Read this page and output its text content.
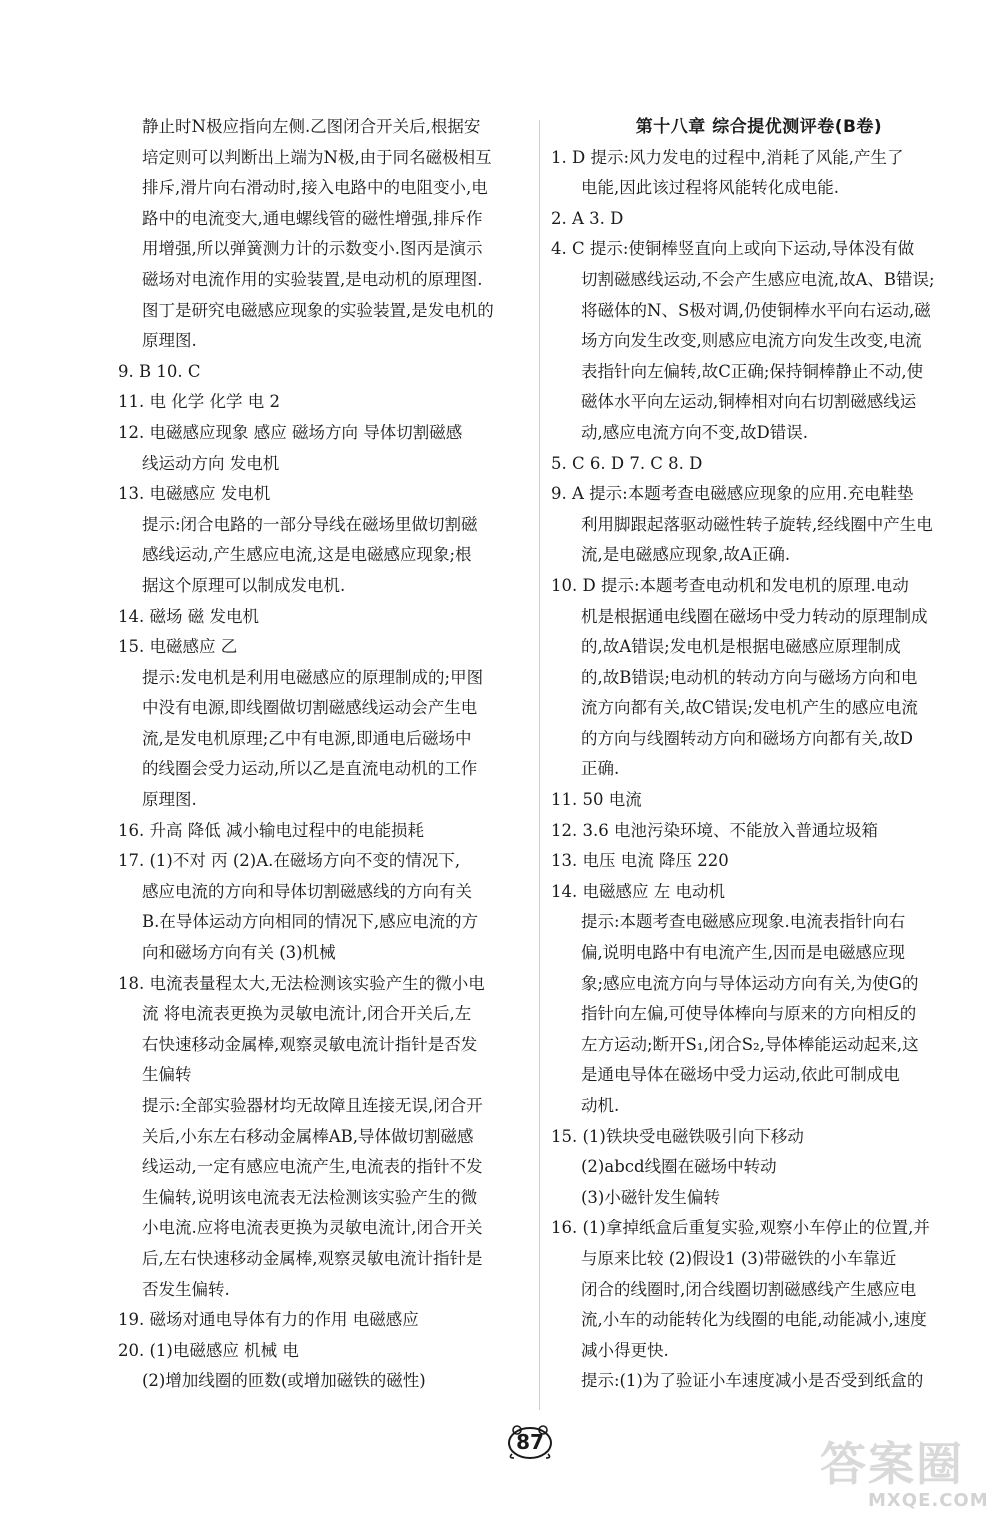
静止时N极应指向左侧.乙图闭合开关后,根据安
培定则可以判断出上端为N极,由于同名磁极相互
排斥,滑片向右滑动时,接入电路中的电阻变小,电
路中的电流变大,通电螺线管的磁性增强,排斥作
用增强,所以弹簧测力计的示数变小.图丙是演示
磁场对电流作用的实验装置,是电动机的原理图.
图丁是研究电磁感应现象的实验装置,是发电机的
原理图.
9. B 10. C
11. 电 化学 化学 电 2
12. 电磁感应现象 感应 磁场方向 导体切割磁感
线运动方向 发电机
13. 电磁感应 发电机
提示:闭合电路的一部分导线在磁场里做切割磁
感线运动,产生感应电流,这是电磁感应现象;根
据这个原理可以制成发电机.
14. 磁场 磁 发电机
15. 电磁感应 乙
提示:发电机是利用电磁感应的原理制成的;甲图
中没有电源,即线圈做切割磁感线运动会产生电
流,是发电机原理;乙中有电源,即通电后磁场中
的线圈会受力运动,所以乙是直流电动机的工作
原理图.
16. 升高 降低 减小输电过程中的电能损耗
17. (1)不对 丙 (2)A.在磁场方向不变的情况下,
感应电流的方向和导体切割磁感线的方向有关
B.在导体运动方向相同的情况下,感应电流的方
向和磁场方向有关 (3)机械
18. 电流表量程太大,无法检测该实验产生的微小电
流 将电流表更换为灵敏电流计,闭合开关后,左
右快速移动金属棒,观察灵敏电流计指针是否发
生偏转
提示:全部实验器材均无故障且连接无误,闭合开
关后,小东左右移动金属棒AB,导体做切割磁感
线运动,一定有感应电流产生,电流表的指针不发
生偏转,说明该电流表无法检测该实验产生的微
小电流.应将电流表更换为灵敏电流计,闭合开关
后,左右快速移动金属棒,观察灵敏电流计指针是
否发生偏转.
19. 磁场对通电导体有力的作用 电磁感应
20. (1)电磁感应 机械 电
(2)增加线圈的匝数(或增加磁铁的磁性)
第十八章 综合提优测评卷(B卷)
1. D 提示:风力发电的过程中,消耗了风能,产生了
电能,因此该过程将风能转化成电能.
2. A 3. D
4. C 提示:使铜棒竖直向上或向下运动,导体没有做
切割磁感线运动,不会产生感应电流,故A、B错误;
将磁体的N、S极对调,仍使铜棒水平向右运动,磁
场方向发生改变,则感应电流方向发生改变,电流
表指针向左偏转,故C正确;保持铜棒静止不动,使
磁体水平向左运动,铜棒相对向右切割磁感线运
动,感应电流方向不变,故D错误.
5. C 6. D 7. C 8. D
9. A 提示:本题考查电磁感应现象的应用.充电鞋垫
利用脚跟起落驱动磁性转子旋转,经线圈中产生电
流,是电磁感应现象,故A正确.
10. D 提示:本题考查电动机和发电机的原理.电动
机是根据通电线圈在磁场中受力转动的原理制成
的,故A错误;发电机是根据电磁感应原理制成
的,故B错误;电动机的转动方向与磁场方向和电
流方向都有关,故C错误;发电机产生的感应电流
的方向与线圈转动方向和磁场方向都有关,故D
正确.
11. 50 电流
12. 3.6 电池污染环境、不能放入普通垃圾箱
13. 电压 电流 降压 220
14. 电磁感应 左 电动机
提示:本题考查电磁感应现象.电流表指针向右
偏,说明电路中有电流产生,因而是电磁感应现
象;感应电流方向与导体运动方向有关,为使G的
指针向左偏,可使导体棒向与原来的方向相反的
左方运动;断开S₁,闭合S₂,导体棒能运动起来,这
是通电导体在磁场中受力运动,依此可制成电
动机.
15. (1)铁块受电磁铁吸引向下移动
(2)abcd线圈在磁场中转动
(3)小磁针发生偏转
16. (1)拿掉纸盒后重复实验,观察小车停止的位置,并
与原来比较 (2)假设1 (3)带磁铁的小车靠近
闭合的线圈时,闭合线圈切割磁感线产生感应电
流,小车的动能转化为线圈的电能,动能减小,速度
减小得更快.
提示:(1)为了验证小车速度减小是否受到纸盒的
87	答案圈
MXQE.COM
